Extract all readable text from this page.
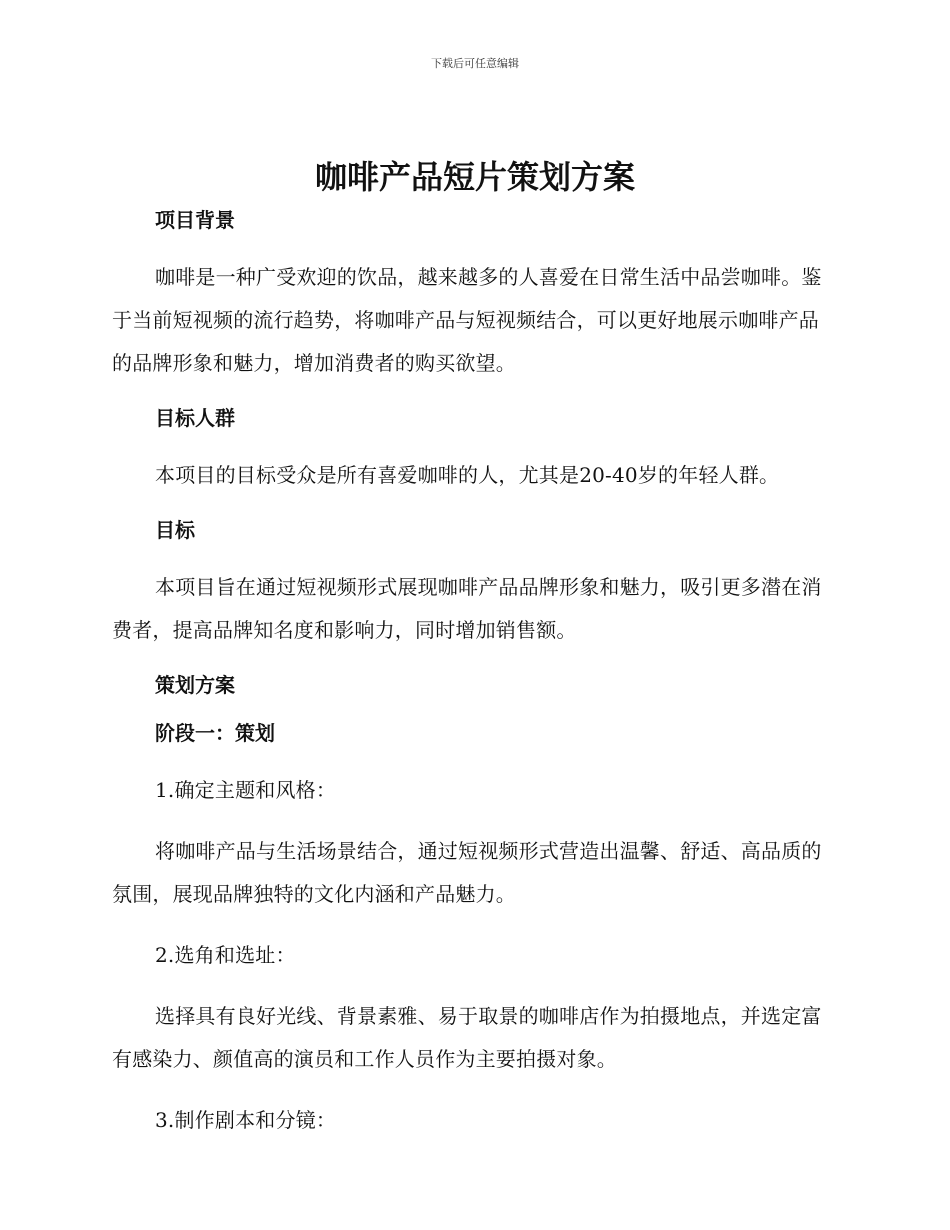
下载后可任意编辑
咖啡产品短片策划方案
项目背景

咖啡是一种广受欢迎的饮品，越来越多的人喜爱在日常生活中品尝咖啡。鉴于当前短视频的流行趋势，将咖啡产品与短视频结合，可以更好地展示咖啡产品的品牌形象和魅力，增加消费者的购买欲望。

目标人群

本项目的目标受众是所有喜爱咖啡的人，尤其是20-40岁的年轻人群。

目标

本项目旨在通过短视频形式展现咖啡产品品牌形象和魅力，吸引更多潜在消费者，提高品牌知名度和影响力，同时增加销售额。

策划方案
阶段一：策划

1.确定主题和风格：

将咖啡产品与生活场景结合，通过短视频形式营造出温馨、舒适、高品质的氛围，展现品牌独特的文化内涵和产品魅力。

2.选角和选址：

选择具有良好光线、背景素雅、易于取景的咖啡店作为拍摄地点，并选定富有感染力、颜值高的演员和工作人员作为主要拍摄对象。

3.制作剧本和分镜：
